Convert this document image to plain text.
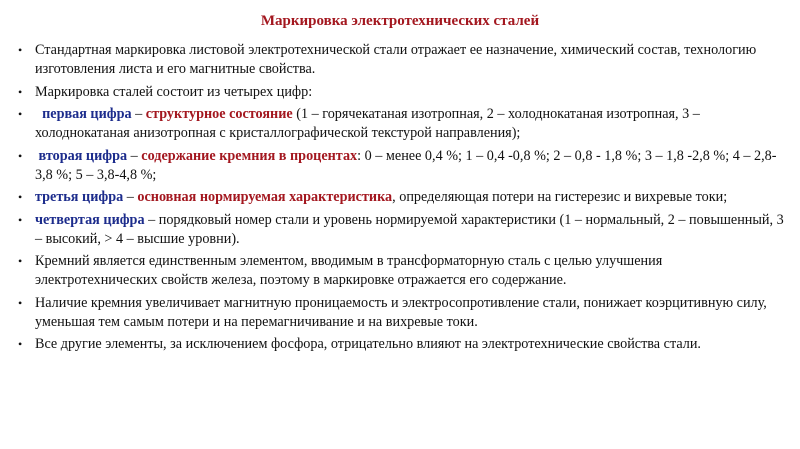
Маркировка электротехнических сталей
• Стандартная маркировка листовой электротехнической стали отражает ее назначение, химический состав, технологию изготовления листа и его магнитные свойства.
• Маркировка сталей состоит из четырех цифр:
• первая цифра – структурное состояние (1 – горячекатаная изотропная, 2 – холоднокатаная изотропная, 3 – холоднокатаная анизотропная с кристаллографической текстурой направления);
• вторая цифра – содержание кремния в процентах: 0 – менее 0,4 %; 1 – 0,4 -0,8 %; 2 – 0,8 - 1,8 %; 3 – 1,8 -2,8 %; 4 – 2,8-3,8 %; 5 – 3,8-4,8 %;
• третья цифра – основная нормируемая характеристика, определяющая потери на гистерезис и вихревые токи;
• четвертая цифра – порядковый номер стали и уровень нормируемой характеристики (1 – нормальный, 2 – повышенный, 3 – высокий, > 4 – высшие уровни).
• Кремний является единственным элементом, вводимым в трансформаторную сталь с целью улучшения электротехнических свойств железа, поэтому в маркировке отражается его содержание.
• Наличие кремния увеличивает магнитную проницаемость и электросопротивление стали, понижает коэрцитивную силу, уменьшая тем самым потери и на перемагничивание и на вихревые токи.
• Все другие элементы, за исключением фосфора, отрицательно влияют на электротехнические свойства стали.
